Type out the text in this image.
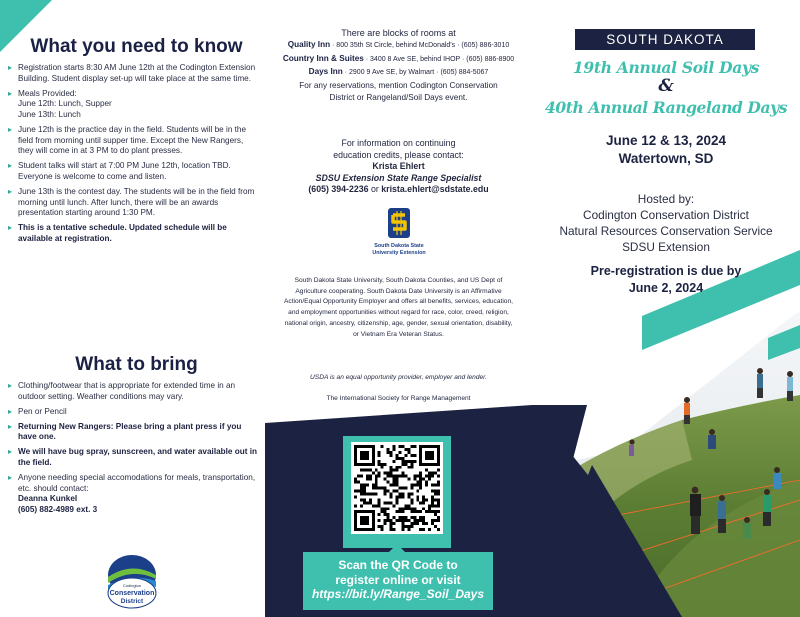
What you need to know
▸ Registration starts 8:30 AM June 12th at the Codington Extension Building. Student display set-up will take place at the same time.
▸ Meals Provided:
June 12th: Lunch, Supper
June 13th: Lunch
▸ June 12th is the practice day in the field. Students will be in the field from morning until supper time. Except the New Rangers, they will come in at 3 PM to do plant presses.
▸ Student talks will start at 7:00 PM June 12th, location TBD. Everyone is welcome to come and listen.
▸ June 13th is the contest day. The students will be in the field from morning until lunch. After lunch, there will be an awards presentation starting around 1:30 PM.
▸ This is a tentative schedule. Updated schedule will be available at registration.
What to bring
▸ Clothing/footwear that is appropriate for extended time in an outdoor setting. Weather conditions may vary.
▸ Pen or Pencil
▸ Returning New Rangers: Please bring a plant press if you have one.
▸ We will have bug spray, sunscreen, and water available out in the field.
▸ Anyone needing special accomodations for meals, transportation, etc. should contact:
Deanna Kunkel
(605) 882-4989 ext. 3
Codington
Conservation
District
There are blocks of rooms at
Quality Inn · 800 35th St Circle, behind McDonald's · (605) 886-3010
Country Inn & Suites · 3400 8 Ave SE, behind IHOP · (605) 886-8900
Days Inn · 2900 9 Ave SE, by Walmart · (605) 884-5067
For any reservations, mention Codington Conservation District or Rangeland/Soil Days event.
For information on continuing
education credits, please contact:
Krista Ehlert
SDSU Extension State Range Specialist
(605) 394-2236 or krista.ehlert@sdstate.edu
South Dakota State
University Extension
South Dakota State University, South Dakota Counties, and US Dept of Agriculture cooperating. South Dakota Date University is an Affirmative Action/Equal Opportunity Employer and offers all benefits, services, education, and employment opportunities without regard for race, color, creed, religion, national origin, ancestry, citizenship, age, gender, sexual orientation, disability, or Vietnam Era Veteran Status.
USDA is an equal opportunity provider, employer and lender.
The International Society for Range Management
Scan the QR Code to
register online or visit
https://bit.ly/Range_Soil_Days
SOUTH DAKOTA
19th Annual Soil Days
&
40th Annual Rangeland Days
June 12 & 13, 2024
Watertown, SD
Hosted by:
Codington Conservation District
Natural Resources Conservation Service
SDSU Extension
Pre-registration is due by
June 2, 2024
